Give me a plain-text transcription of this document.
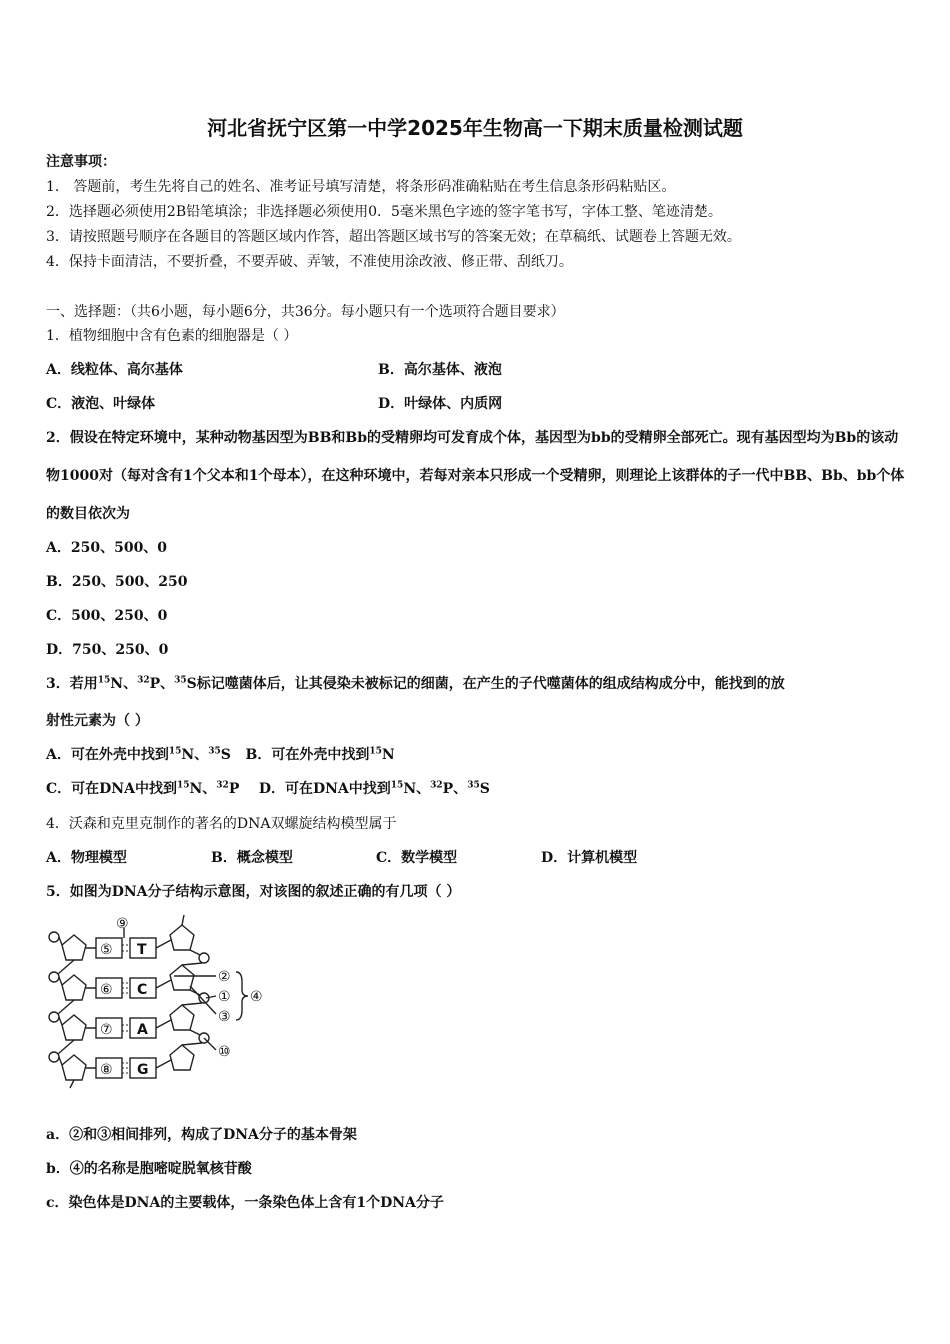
河北省抚宁区第一中学2025年生物高一下期末质量检测试题
注意事项：
1． 答题前，考生先将自己的姓名、准考证号填写清楚，将条形码准确粘贴在考生信息条形码粘贴区。
2．选择题必须使用2B铅笔填涂；非选择题必须使用0．5毫米黑色字迹的签字笔书写，字体工整、笔迹清楚。
3．请按照题号顺序在各题目的答题区域内作答，超出答题区域书写的答案无效；在草稿纸、试题卷上答题无效。
4．保持卡面清洁，不要折叠，不要弄破、弄皱，不准使用涂改液、修正带、刮纸刀。
一、选择题：（共6小题，每小题6分，共36分。每小题只有一个选项符合题目要求）
1．植物细胞中含有色素的细胞器是（ ）
A．线粒体、高尔基体	B．高尔基体、液泡
C．液泡、叶绿体	D．叶绿体、内质网
2．假设在特定环境中，某种动物基因型为BB和Bb的受精卵均可发育成个体，基因型为bb的受精卵全部死亡。现有基因型均为Bb的该动物1000对（每对含有1个父本和1个母本），在这种环境中，若每对亲本只形成一个受精卵，则理论上该群体的子一代中BB、Bb、bb个体的数目依次为
A．250、500、0
B．250、500、250
C．500、250、0
D．750、250、0
3．若用$^{15}$N、$^{32}$P、$^{35}$S标记噬菌体后，让其侵染未被标记的细菌，在产生的子代噬菌体的组成结构成分中，能找到的放
射性元素为（ ）
A．可在外壳中找到$^{15}$N、$^{35}$S B．可在外壳中找到$^{15}$N
C．可在DNA中找到$^{15}$N、$^{32}$P D．可在DNA中找到$^{15}$N、$^{32}$P、$^{35}$S
4．沃森和克里克制作的著名的DNA双螺旋结构模型属于
A．物理模型	B．概念模型	C．数学模型	D．计算机模型
5．如图为DNA分子结构示意图，对该图的叙述正确的有几项（ ）
⑨
⑤
⑥
⑦
⑧
T
C
A
G
②
①
③
④
⑩
a．②和③相间排列，构成了DNA分子的基本骨架
b．④的名称是胞嘧啶脱氧核苷酸
c．染色体是DNA的主要载体，一条染色体上含有1个DNA分子
